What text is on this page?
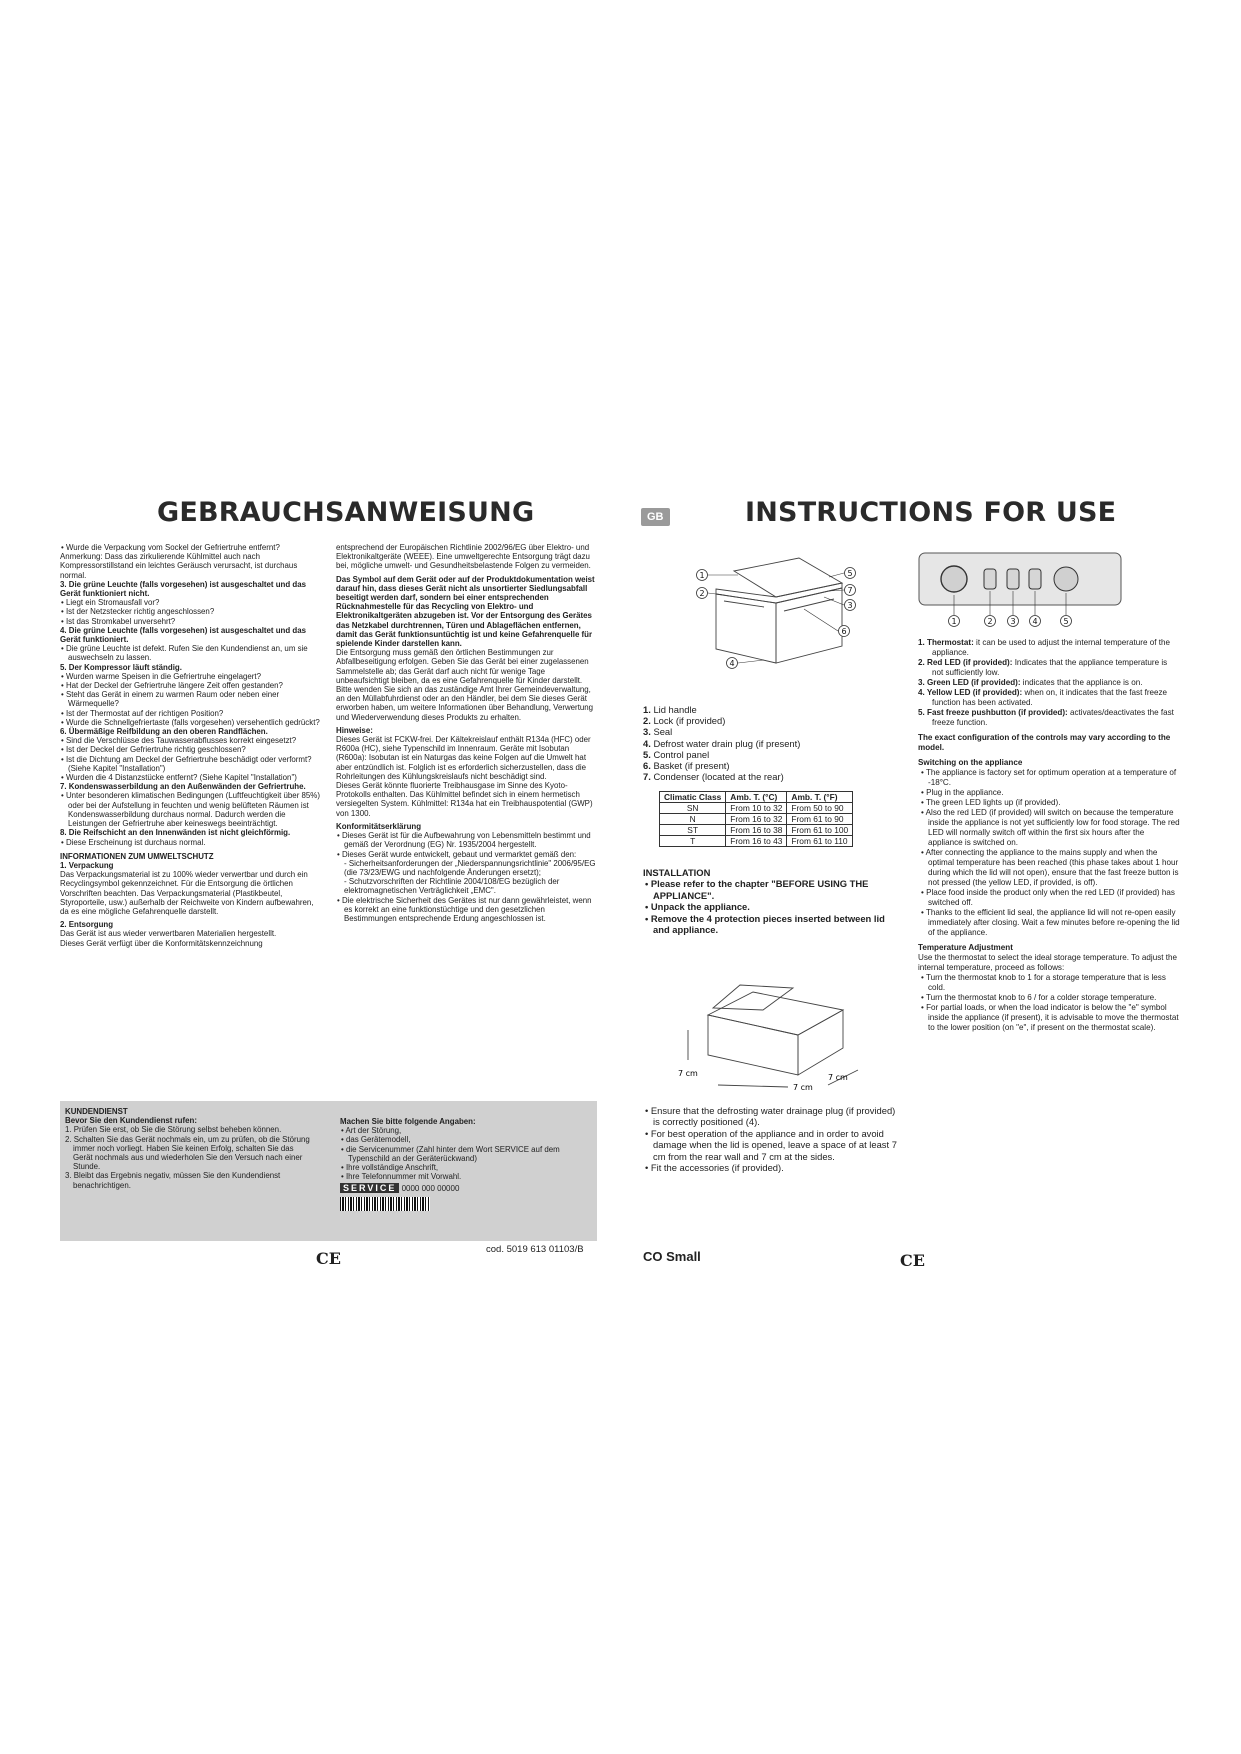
GEBRAUCHSANWEISUNG

• Wurde die Verpackung vom Sockel der Gefriertruhe entfernt?

Anmerkung: Dass das zirkulierende Kühlmittel auch nach Kompressorstillstand ein leichtes Geräusch verursacht, ist durchaus normal.

3. Die grüne Leuchte (falls vorgesehen) ist ausgeschaltet und das Gerät funktioniert nicht.

• Liegt ein Stromausfall vor?

• Ist der Netzstecker richtig angeschlossen?

• Ist das Stromkabel unversehrt?

4. Die grüne Leuchte (falls vorgesehen) ist ausgeschaltet und das Gerät funktioniert.

• Die grüne Leuchte ist defekt. Rufen Sie den Kundendienst an, um sie auswechseln zu lassen.

5. Der Kompressor läuft ständig.

• Wurden warme Speisen in die Gefriertruhe eingelagert?

• Hat der Deckel der Gefriertruhe längere Zeit offen gestanden?

• Steht das Gerät in einem zu warmen Raum oder neben einer Wärmequelle?

• Ist der Thermostat auf der richtigen Position?

• Wurde die Schnellgefriertaste (falls vorgesehen) versehentlich gedrückt?

6. Übermäßige Reifbildung an den oberen Randflächen.

• Sind die Verschlüsse des Tauwasserabflusses korrekt eingesetzt?

• Ist der Deckel der Gefriertruhe richtig geschlossen?

• Ist die Dichtung am Deckel der Gefriertruhe beschädigt oder verformt? (Siehe Kapitel "Installation")

• Wurden die 4 Distanzstücke entfernt? (Siehe Kapitel "Installation")

7. Kondenswasserbildung an den Außenwänden der Gefriertruhe.

• Unter besonderen klimatischen Bedingungen (Luftfeuchtigkeit über 85%) oder bei der Aufstellung in feuchten und wenig belüfteten Räumen ist Kondenswasserbildung durchaus normal. Dadurch werden die Leistungen der Gefriertruhe aber keineswegs beeinträchtigt.

8. Die Reifschicht an den Innenwänden ist nicht gleichförmig.

• Diese Erscheinung ist durchaus normal.

INFORMATIONEN ZUM UMWELTSCHUTZ

1. Verpackung

Das Verpackungsmaterial ist zu 100% wieder verwertbar und durch ein Recyclingsymbol gekennzeichnet. Für die Entsorgung die örtlichen Vorschriften beachten. Das Verpackungsmaterial (Plastikbeutel, Styroporteile, usw.) außerhalb der Reichweite von Kindern aufbewahren, da es eine mögliche Gefahrenquelle darstellt.

2. Entsorgung

Das Gerät ist aus wieder verwertbaren Materialien hergestellt.

Dieses Gerät verfügt über die Konformitätskennzeichnung

entsprechend der Europäischen Richtlinie 2002/96/EG über Elektro- und Elektronikaltgeräte (WEEE). Eine umweltgerechte Entsorgung trägt dazu bei, mögliche umwelt- und Gesundheitsbelastende Folgen zu vermeiden.

Das Symbol auf dem Gerät oder auf der Produktdokumentation weist darauf hin, dass dieses Gerät nicht als unsortierter Siedlungsabfall beseitigt werden darf, sondern bei einer entsprechenden Rücknahmestelle für das Recycling von Elektro- und Elektronikaltgeräten abzugeben ist. Vor der Entsorgung des Gerätes das Netzkabel durchtrennen, Türen und Ablageflächen entfernen, damit das Gerät funktionsuntüchtig ist und keine Gefahrenquelle für spielende Kinder darstellen kann.

Die Entsorgung muss gemäß den örtlichen Bestimmungen zur Abfallbeseitigung erfolgen. Geben Sie das Gerät bei einer zugelassenen Sammelstelle ab; das Gerät darf auch nicht für wenige Tage unbeaufsichtigt bleiben, da es eine Gefahrenquelle für Kinder darstellt. Bitte wenden Sie sich an das zuständige Amt Ihrer Gemeindeverwaltung, an den Müllabfuhrdienst oder an den Händler, bei dem Sie dieses Gerät erworben haben, um weitere Informationen über Behandlung, Verwertung und Wiederverwendung dieses Produkts zu erhalten.

Hinweise:

Dieses Gerät ist FCKW-frei. Der Kältekreislauf enthält R134a (HFC) oder R600a (HC), siehe Typenschild im Innenraum. Geräte mit Isobutan (R600a): Isobutan ist ein Naturgas das keine Folgen auf die Umwelt hat aber entzündlich ist. Folglich ist es erforderlich sicherzustellen, dass die Rohrleitungen des Kühlungskreislaufs nicht beschädigt sind.

Dieses Gerät könnte fluorierte Treibhausgase im Sinne des Kyoto-Protokolls enthalten. Das Kühlmittel befindet sich in einem hermetisch versiegelten System. Kühlmittel: R134a hat ein Treibhauspotential (GWP) von 1300.

Konformitätserklärung

• Dieses Gerät ist für die Aufbewahrung von Lebensmitteln bestimmt und gemäß der Verordnung (EG) Nr. 1935/2004 hergestellt.

• Dieses Gerät wurde entwickelt, gebaut und vermarktet gemäß den:

- Sicherheitsanforderungen der „Niederspannungsrichtlinie" 2006/95/EG (die 73/23/EWG und nachfolgende Änderungen ersetzt);

- Schutzvorschriften der Richtlinie 2004/108/EG bezüglich der elektromagnetischen Verträglichkeit „EMC".

• Die elektrische Sicherheit des Gerätes ist nur dann gewährleistet, wenn es korrekt an eine funktionstüchtige und den gesetzlichen Bestimmungen entsprechende Erdung angeschlossen ist.

KUNDENDIENST

Bevor Sie den Kundendienst rufen:

1. Prüfen Sie erst, ob Sie die Störung selbst beheben können.

2. Schalten Sie das Gerät nochmals ein, um zu prüfen, ob die Störung immer noch vorliegt. Haben Sie keinen Erfolg, schalten Sie das Gerät nochmals aus und wiederholen Sie den Versuch nach einer Stunde.

3. Bleibt das Ergebnis negativ, müssen Sie den Kundendienst benachrichtigen.

Machen Sie bitte folgende Angaben:

• Art der Störung,

• das Gerätemodell,

• die Servicenummer (Zahl hinter dem Wort SERVICE auf dem Typenschild an der Geräterückwand)

• Ihre vollständige Anschrift,

• Ihre Telefonnummer mit Vorwahl.

SERVICE 0000 000 00000
CE	cod. 5019 613 01103/B
GB	INSTRUCTIONS FOR USE
1
2
4
5
7
3
6
1	2 3 4	5

1. Lid handle

2. Lock (if provided)

3. Seal

4. Defrost water drain plug (if present)

5. Control panel

6. Basket (if present)

7. Condenser (located at the rear)

Climatic Class	Amb. T. (°C)	Amb. T. (°F)
SN	From 10 to 32	From 50 to 90
N	From 16 to 32	From 61 to 90
ST	From 16 to 38	From 61 to 100
T	From 16 to 43	From 61 to 110

INSTALLATION

• Please refer to the chapter "BEFORE USING THE APPLIANCE".

• Unpack the appliance.

• Remove the 4 protection pieces inserted between lid and appliance.

7 cm
7 cm
7 cm

• Ensure that the defrosting water drainage plug (if provided) is correctly positioned (4).

• For best operation of the appliance and in order to avoid damage when the lid is opened, leave a space of at least 7 cm from the rear wall and 7 cm at the sides.

• Fit the accessories (if provided).

1. Thermostat: it can be used to adjust the internal temperature of the appliance.

2. Red LED (if provided): Indicates that the appliance temperature is not sufficiently low.

3. Green LED (if provided): indicates that the appliance is on.

4. Yellow LED (if provided): when on, it indicates that the fast freeze function has been activated.

5. Fast freeze pushbutton (if provided): activates/deactivates the fast freeze function.

The exact configuration of the controls may vary according to the model.

Switching on the appliance

• The appliance is factory set for optimum operation at a temperature of -18°C.

• Plug in the appliance.

• The green LED lights up (if provided).

• Also the red LED (if provided) will switch on because the temperature inside the appliance is not yet sufficiently low for food storage. The red LED will normally switch off within the first six hours after the appliance is switched on.

• After connecting the appliance to the mains supply and when the optimal temperature has been reached (this phase takes about 1 hour during which the lid will not open), ensure that the fast freeze button is not pressed (the yellow LED, if provided, is off).

• Place food inside the product only when the red LED (if provided) has switched off.

• Thanks to the efficient lid seal, the appliance lid will not re-open easily immediately after closing. Wait a few minutes before re-opening the lid of the appliance.

Temperature Adjustment

Use the thermostat to select the ideal storage temperature. To adjust the internal temperature, proceed as follows:

• Turn the thermostat knob to 1 for a storage temperature that is less cold.

• Turn the thermostat knob to 6 / for a colder storage temperature.

• For partial loads, or when the load indicator is below the "e" symbol inside the appliance (if present), it is advisable to move the thermostat to the lower position (on "e", if present on the thermostat scale).

CO Small	CE
